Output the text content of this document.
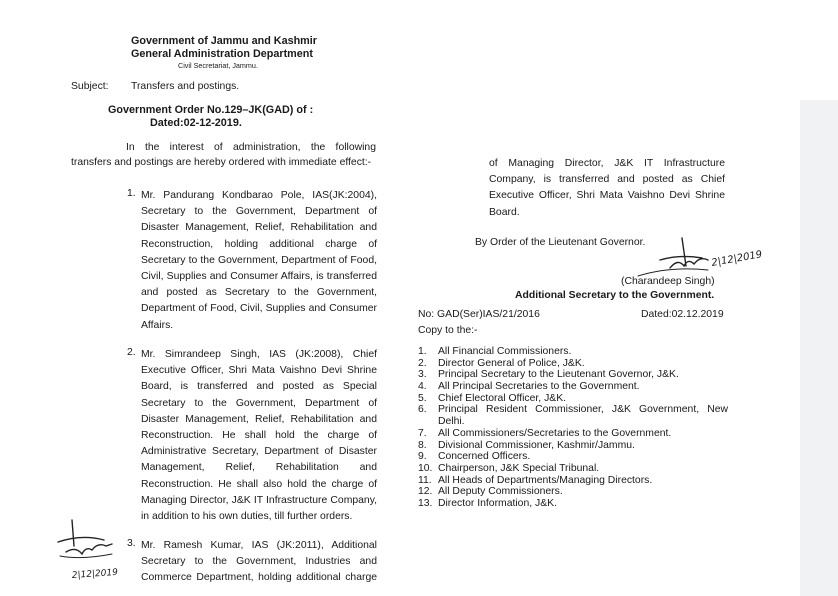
Government of Jammu and Kashmir
General Administration Department
Civil Secretariat, Jammu.
Subject: Transfers and postings.
Government Order No.129–JK(GAD) of :
Dated:02-12-2019.
In the interest of administration, the following
transfers and postings are hereby ordered with immediate effect:-
1. Mr. Pandurang Kondbarao Pole, IAS(JK:2004),
Secretary to the Government, Department of
Disaster Management, Relief, Rehabilitation and
Reconstruction, holding additional charge of
Secretary to the Government, Department of Food,
Civil, Supplies and Consumer Affairs, is transferred
and posted as Secretary to the Government,
Department of Food, Civil, Supplies and Consumer
Affairs.
2. Mr. Simrandeep Singh, IAS (JK:2008), Chief
Executive Officer, Shri Mata Vaishno Devi Shrine
Board, is transferred and posted as Special
Secretary to the Government, Department of
Disaster Management, Relief, Rehabilitation and
Reconstruction. He shall hold the charge of
Administrative Secretary, Department of Disaster
Management, Relief, Rehabilitation and
Reconstruction. He shall also hold the charge of
Managing Director, J&K IT Infrastructure Company,
in addition to his own duties, till further orders.
3. Mr. Ramesh Kumar, IAS (JK:2011), Additional
Secretary to the Government, Industries and
Commerce Department, holding additional charge
2|12|2019
of Managing Director, J&K IT Infrastructure
Company, is transferred and posted as Chief
Executive Officer, Shri Mata Vaishno Devi Shrine
Board.
By Order of the Lieutenant Governor.
2|12|2019
(Charandeep Singh)
Additional Secretary to the Government.
No: GAD(Ser)IAS/21/2016	Dated:02.12.2019
Copy to the:-
1. All Financial Commissioners.
2. Director General of Police, J&K.
3. Principal Secretary to the Lieutenant Governor, J&K.
4. All Principal Secretaries to the Government.
5. Chief Electoral Officer, J&K.
6. Principal Resident Commissioner, J&K Government, New Delhi.
7. All Commissioners/Secretaries to the Government.
8. Divisional Commissioner, Kashmir/Jammu.
9. Concerned Officers.
10. Chairperson, J&K Special Tribunal.
11. All Heads of Departments/Managing Directors.
12. All Deputy Commissioners.
13. Director Information, J&K.
